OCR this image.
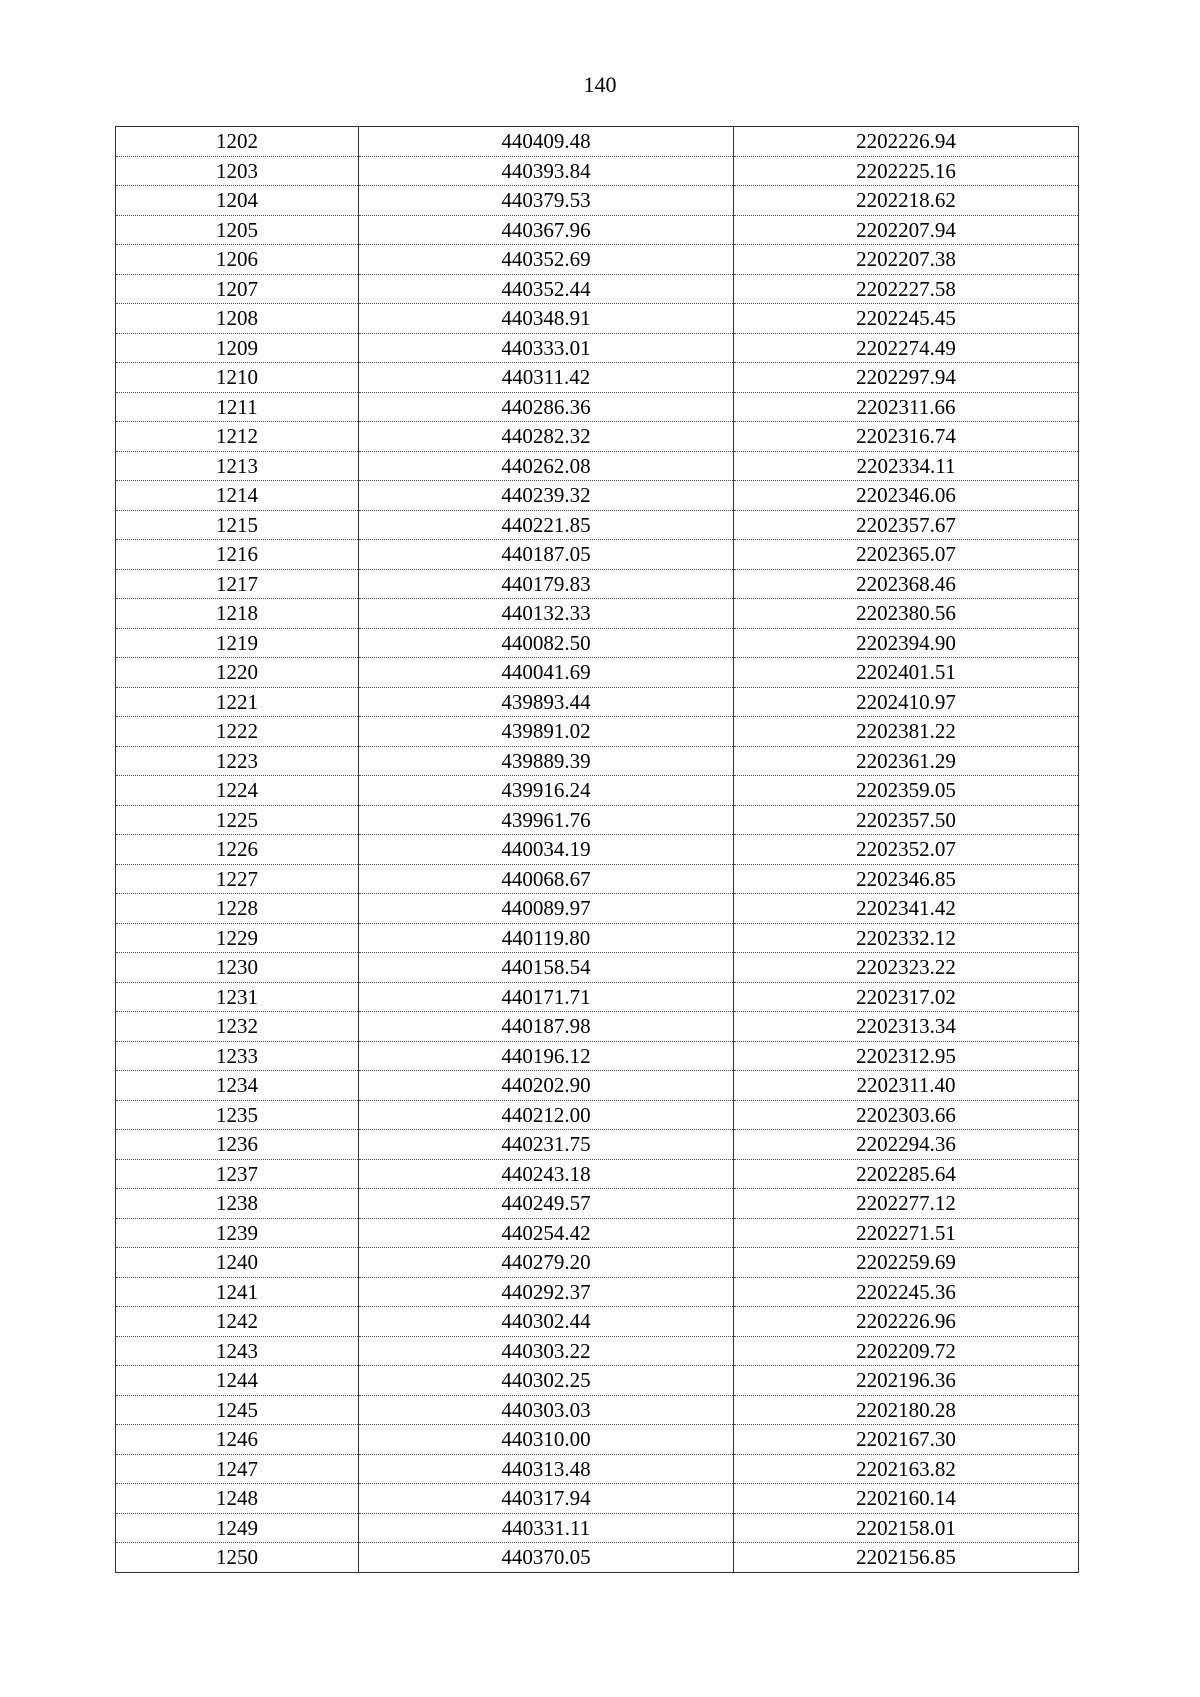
140
1202	440409.48	2202226.94
1203	440393.84	2202225.16
1204	440379.53	2202218.62
1205	440367.96	2202207.94
1206	440352.69	2202207.38
1207	440352.44	2202227.58
1208	440348.91	2202245.45
1209	440333.01	2202274.49
1210	440311.42	2202297.94
1211	440286.36	2202311.66
1212	440282.32	2202316.74
1213	440262.08	2202334.11
1214	440239.32	2202346.06
1215	440221.85	2202357.67
1216	440187.05	2202365.07
1217	440179.83	2202368.46
1218	440132.33	2202380.56
1219	440082.50	2202394.90
1220	440041.69	2202401.51
1221	439893.44	2202410.97
1222	439891.02	2202381.22
1223	439889.39	2202361.29
1224	439916.24	2202359.05
1225	439961.76	2202357.50
1226	440034.19	2202352.07
1227	440068.67	2202346.85
1228	440089.97	2202341.42
1229	440119.80	2202332.12
1230	440158.54	2202323.22
1231	440171.71	2202317.02
1232	440187.98	2202313.34
1233	440196.12	2202312.95
1234	440202.90	2202311.40
1235	440212.00	2202303.66
1236	440231.75	2202294.36
1237	440243.18	2202285.64
1238	440249.57	2202277.12
1239	440254.42	2202271.51
1240	440279.20	2202259.69
1241	440292.37	2202245.36
1242	440302.44	2202226.96
1243	440303.22	2202209.72
1244	440302.25	2202196.36
1245	440303.03	2202180.28
1246	440310.00	2202167.30
1247	440313.48	2202163.82
1248	440317.94	2202160.14
1249	440331.11	2202158.01
1250	440370.05	2202156.85
